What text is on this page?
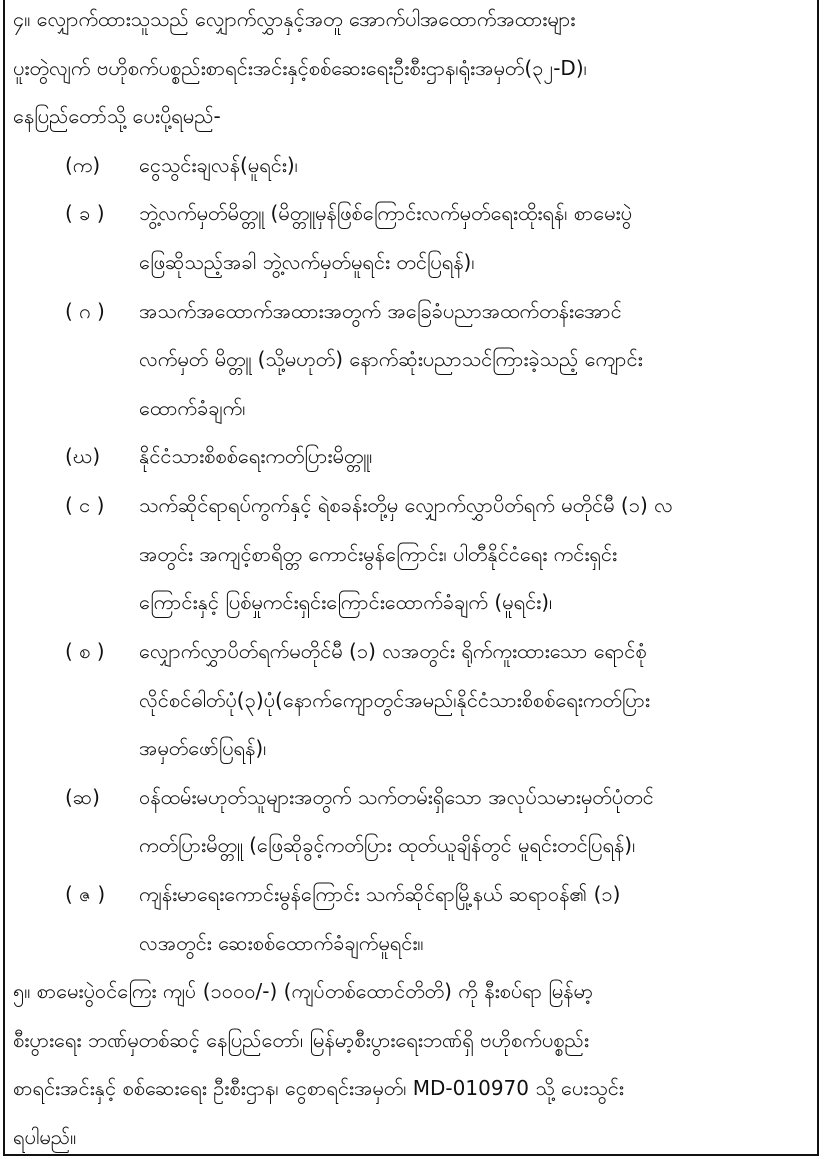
၄။ လျှောက်ထားသူသည် လျှောက်လွှာနှင့်အတူ အောက်ပါအထောက်အထားများ
ပူးတွဲလျက် ဗဟိုစက်ပစ္စည်းစာရင်းအင်းနှင့်စစ်ဆေးရေးဦးစီးဌာန၊ရုံးအမှတ်(၃၂-D)၊
နေပြည်တော်သို့ ပေးပို့ရမည်-
(က) ငွေသွင်းချလန်(မူရင်း)၊
( ခ ) ဘွဲ့လက်မှတ်မိတ္တူ (မိတ္တူမှန်ဖြစ်ကြောင်းလက်မှတ်ရေးထိုးရန်၊ စာမေးပွဲ
ဖြေဆိုသည့်အခါ ဘွဲ့လက်မှတ်မူရင်း တင်ပြရန်)၊
( ဂ ) အသက်အထောက်အထားအတွက် အခြေခံပညာအထက်တန်းအောင်
လက်မှတ် မိတ္တူ (သို့မဟုတ်) နောက်ဆုံးပညာသင်ကြားခဲ့သည့် ကျောင်း
ထောက်ခံချက်၊
(ဃ) နိုင်ငံသားစိစစ်ရေးကတ်ပြားမိတ္တူ၊
( င ) သက်ဆိုင်ရာရပ်ကွက်နှင့် ရဲစခန်းတို့မှ လျှောက်လွှာပိတ်ရက် မတိုင်မီ (၁) လ
အတွင်း အကျင့်စာရိတ္တ ကောင်းမွန်ကြောင်း၊ ပါတီနိုင်ငံရေး ကင်းရှင်း
ကြောင်းနှင့် ပြစ်မှုကင်းရှင်းကြောင်းထောက်ခံချက် (မူရင်း)၊
( စ ) လျှောက်လွှာပိတ်ရက်မတိုင်မီ (၁) လအတွင်း ရိုက်ကူးထားသော ရောင်စုံ
လိုင်စင်ဓါတ်ပုံ(၃)ပုံ(နောက်ကျောတွင်အမည်၊နိုင်ငံသားစိစစ်ရေးကတ်ပြား
အမှတ်ဖော်ပြရန်)၊
(ဆ) ဝန်ထမ်းမဟုတ်သူများအတွက် သက်တမ်းရှိသော အလုပ်သမားမှတ်ပုံတင်
ကတ်ပြားမိတ္တူ (ဖြေဆိုခွင့်ကတ်ပြား ထုတ်ယူချိန်တွင် မူရင်းတင်ပြရန်)၊
( ဇ ) ကျန်းမာရေးကောင်းမွန်ကြောင်း သက်ဆိုင်ရာမြို့နယ် ဆရာဝန်၏ (၁)
လအတွင်း ဆေးစစ်ထောက်ခံချက်မူရင်း။
၅။ စာမေးပွဲဝင်ကြေး ကျပ် (၁၀၀၀/-) (ကျပ်တစ်ထောင်တိတိ) ကို နီးစပ်ရာ မြန်မာ့
စီးပွားရေး ဘဏ်မှတစ်ဆင့် နေပြည်တော်၊ မြန်မာ့စီးပွားရေးဘဏ်ရှိ ဗဟိုစက်ပစ္စည်း
စာရင်းအင်းနှင့် စစ်ဆေးရေး ဦးစီးဌာန၊ ငွေစာရင်းအမှတ်၊ MD-010970 သို့ ပေးသွင်း
ရပါမည်။
